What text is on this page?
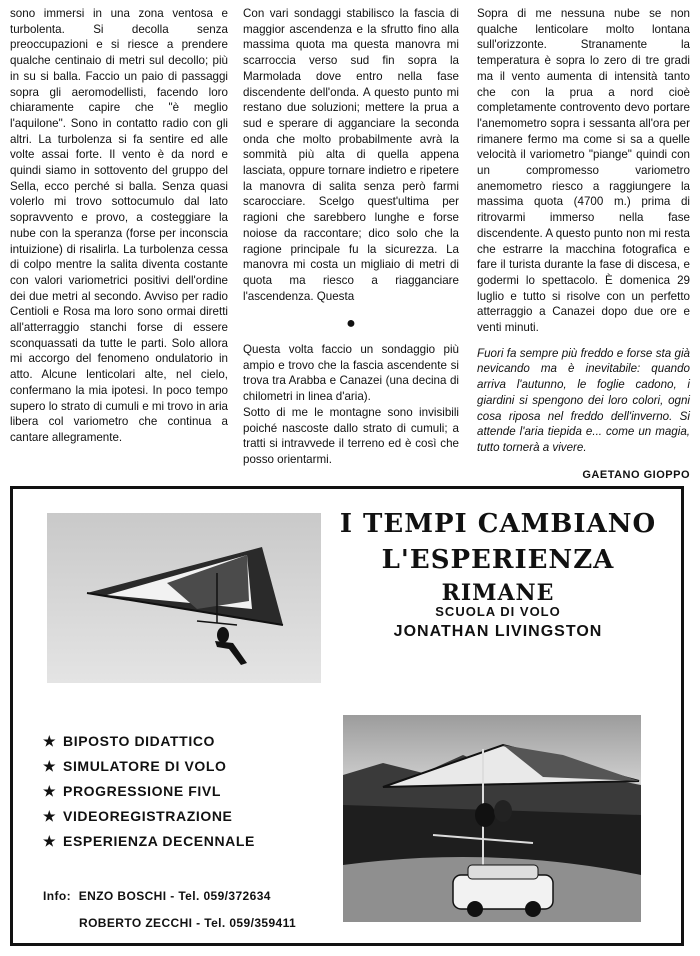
sono immersi in una zona ventosa e turbolenta. Si decolla senza preoccupazioni e si riesce a prendere qualche centinaio di metri sul decollo; più in su si balla. Faccio un paio di passaggi sopra gli aeromodellisti, facendo loro chiaramente capire che "è meglio l'aquilone". Sono in contatto radio con gli altri. La turbolenza si fa sentire ed alle volte assai forte. Il vento è da nord e quindi siamo in sottovento del gruppo del Sella, ecco perché si balla. Senza quasi volerlo mi trovo sottocumulo dal lato sopravvento e provo, a costeggiare la nube con la speranza (forse per inconscia intuizione) di risalirla. La turbolenza cessa di colpo mentre la salita diventa costante con valori variometrici positivi dell'ordine dei due metri al secondo. Avviso per radio Centioli e Rosa ma loro sono ormai diretti all'atterraggio stanchi forse di essere sconquassati da tutte le parti. Solo allora mi accorgo del fenomeno ondulatorio in atto. Alcune lenticolari alte, nel cielo, confermano la mia ipotesi. In poco tempo supero lo strato di cumuli e mi trovo in aria libera col variometro che continua a cantare allegramente.

Con vari sondaggi stabilisco la fascia di maggior ascendenza e la sfrutto fino alla massima quota ma questa manovra mi scarroccia verso sud fin sopra la Marmolada dove entro nella fase discendente dell'onda. A questo punto mi restano due soluzioni; mettere la prua a sud e sperare di agganciare la seconda onda che molto probabilmente avrà la sommità più alta di quella appena lasciata, oppure tornare indietro e ripetere la manovra di salita senza però farmi scarocciare. Scelgo quest'ultima per ragioni che sarebbero lunghe e forse noiose da raccontare; dico solo che la ragione principale fu la sicurezza. La manovra mi costa un migliaio di metri di quota ma riesco a riagganciare l'ascendenza. Questa

●

Questa volta faccio un sondaggio più ampio e trovo che la fascia ascendente si trova tra Arabba e Canazei (una decina di chilometri in linea d'aria).

Sotto di me le montagne sono invisibili poiché nascoste dallo strato di cumuli; a tratti si intravvede il terreno ed è così che posso orientarmi.

Sopra di me nessuna nube se non qualche lenticolare molto lontana sull'orizzonte. Stranamente la temperatura è sopra lo zero di tre gradi ma il vento aumenta di intensità tanto che con la prua a nord cioè completamente controvento devo portare l'anemometro sopra i sessanta all'ora per rimanere fermo ma come si sa a quelle velocità il variometro "piange" quindi con un compromesso variometro anemometro riesco a raggiungere la massima quota (4700 m.) prima di ritrovarmi immerso nella fase discendente. A questo punto non mi resta che estrarre la macchina fotografica e fare il turista durante la fase di discesa, e godermi lo spettacolo. È domenica 29 luglio e tutto si risolve con un perfetto atterraggio a Canazei dopo due ore e venti minuti.

Fuori fa sempre più freddo e forse sta già nevicando ma è inevitabile: quando arriva l'autunno, le foglie cadono, i giardini si spengono dei loro colori, ogni cosa riposa nel freddo dell'inverno. Si attende l'aria tiepida e... come un magia, tutto tornerà a vivere.

GAETANO GIOPPO

I TEMPI CAMBIANO
L'ESPERIENZA
RIMANE
SCUOLA DI VOLO
JONATHAN LIVINGSTON
★ BIPOSTO DIDATTICO
★ SIMULATORE DI VOLO
★ PROGRESSIONE FIVL
★ VIDEOREGISTRAZIONE
★ ESPERIENZA DECENNALE
Info: ENZO BOSCHI - Tel. 059/372634
ROBERTO ZECCHI - Tel. 059/359411
